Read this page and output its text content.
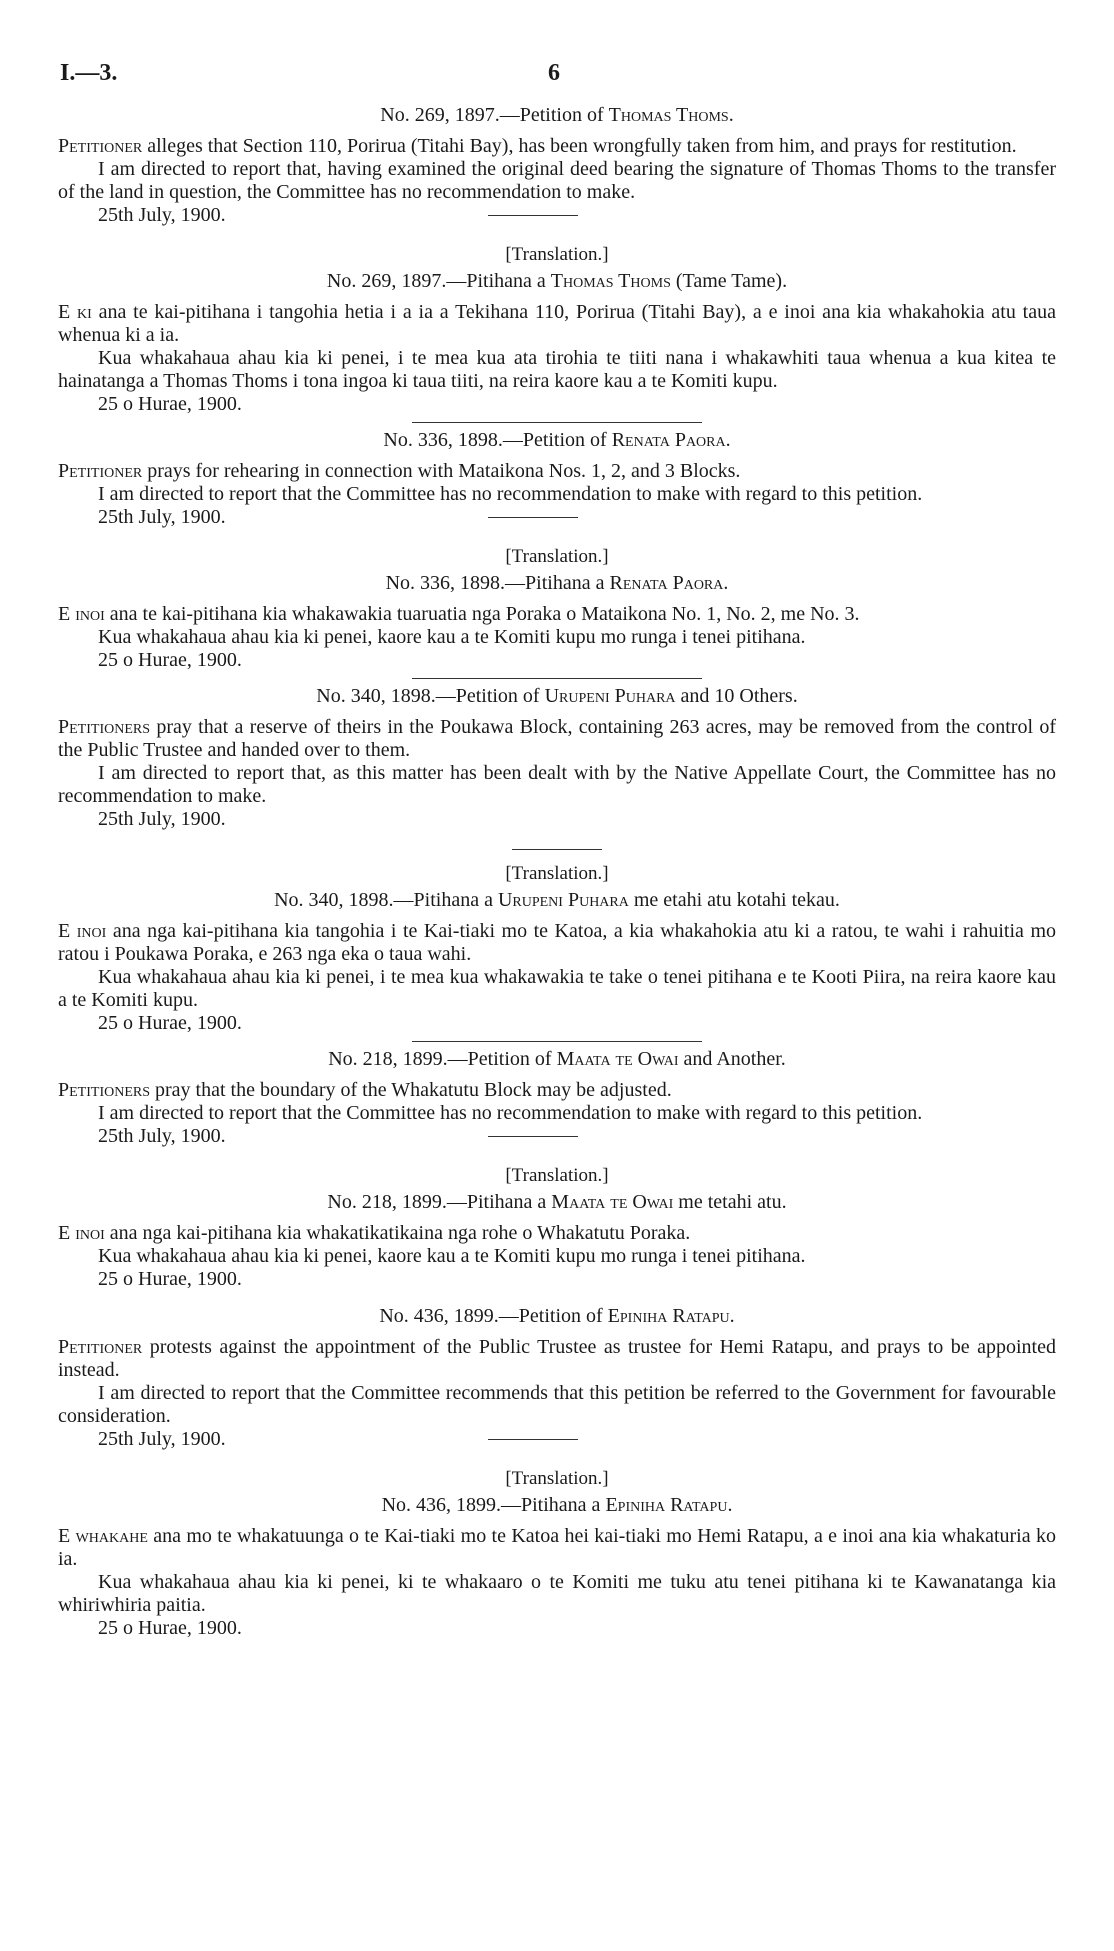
I.—3.	6
No. 269, 1897.—Petition of Thomas Thoms.

Petitioner alleges that Section 110, Porirua (Titahi Bay), has been wrongfully taken from him, and prays for restitution.

I am directed to report that, having examined the original deed bearing the signature of Thomas Thoms to the transfer of the land in question, the Committee has no recommendation to make.

25th July, 1900.

[Translation.]
No. 269, 1897.—Pitihana a Thomas Thoms (Tame Tame).

E ki ana te kai-pitihana i tangohia hetia i a ia a Tekihana 110, Porirua (Titahi Bay), a e inoi ana kia whakahokia atu taua whenua ki a ia.

Kua whakahaua ahau kia ki penei, i te mea kua ata tirohia te tiiti nana i whakawhiti taua whenua a kua kitea te hainatanga a Thomas Thoms i tona ingoa ki taua tiiti, na reira kaore kau a te Komiti kupu.

25 o Hurae, 1900.

No. 336, 1898.—Petition of Renata Paora.

Petitioner prays for rehearing in connection with Mataikona Nos. 1, 2, and 3 Blocks.

I am directed to report that the Committee has no recommendation to make with regard to this petition.

25th July, 1900.

[Translation.]
No. 336, 1898.—Pitihana a Renata Paora.

E inoi ana te kai-pitihana kia whakawakia tuaruatia nga Poraka o Mataikona No. 1, No. 2, me No. 3.

Kua whakahaua ahau kia ki penei, kaore kau a te Komiti kupu mo runga i tenei pitihana.

25 o Hurae, 1900.

No. 340, 1898.—Petition of Urupeni Puhara and 10 Others.

Petitioners pray that a reserve of theirs in the Poukawa Block, containing 263 acres, may be removed from the control of the Public Trustee and handed over to them.

I am directed to report that, as this matter has been dealt with by the Native Appellate Court, the Committee has no recommendation to make.

25th July, 1900.

[Translation.]
No. 340, 1898.—Pitihana a Urupeni Puhara me etahi atu kotahi tekau.

E inoi ana nga kai-pitihana kia tangohia i te Kai-tiaki mo te Katoa, a kia whakahokia atu ki a ratou, te wahi i rahuitia mo ratou i Poukawa Poraka, e 263 nga eka o taua wahi.

Kua whakahaua ahau kia ki penei, i te mea kua whakawakia te take o tenei pitihana e te Kooti Piira, na reira kaore kau a te Komiti kupu.

25 o Hurae, 1900.

No. 218, 1899.—Petition of Maata te Owai and Another.

Petitioners pray that the boundary of the Whakatutu Block may be adjusted.

I am directed to report that the Committee has no recommendation to make with regard to this petition.

25th July, 1900.

[Translation.]
No. 218, 1899.—Pitihana a Maata te Owai me tetahi atu.

E inoi ana nga kai-pitihana kia whakatikatikaina nga rohe o Whakatutu Poraka.

Kua whakahaua ahau kia ki penei, kaore kau a te Komiti kupu mo runga i tenei pitihana.

25 o Hurae, 1900.

No. 436, 1899.—Petition of Epiniha Ratapu.

Petitioner protests against the appointment of the Public Trustee as trustee for Hemi Ratapu, and prays to be appointed instead.

I am directed to report that the Committee recommends that this petition be referred to the Government for favourable consideration.

25th July, 1900.

[Translation.]
No. 436, 1899.—Pitihana a Epiniha Ratapu.

E whakahe ana mo te whakatuunga o te Kai-tiaki mo te Katoa hei kai-tiaki mo Hemi Ratapu, a e inoi ana kia whakaturia ko ia.

Kua whakahaua ahau kia ki penei, ki te whakaaro o te Komiti me tuku atu tenei pitihana ki te Kawanatanga kia whiriwhiria paitia.

25 o Hurae, 1900.
